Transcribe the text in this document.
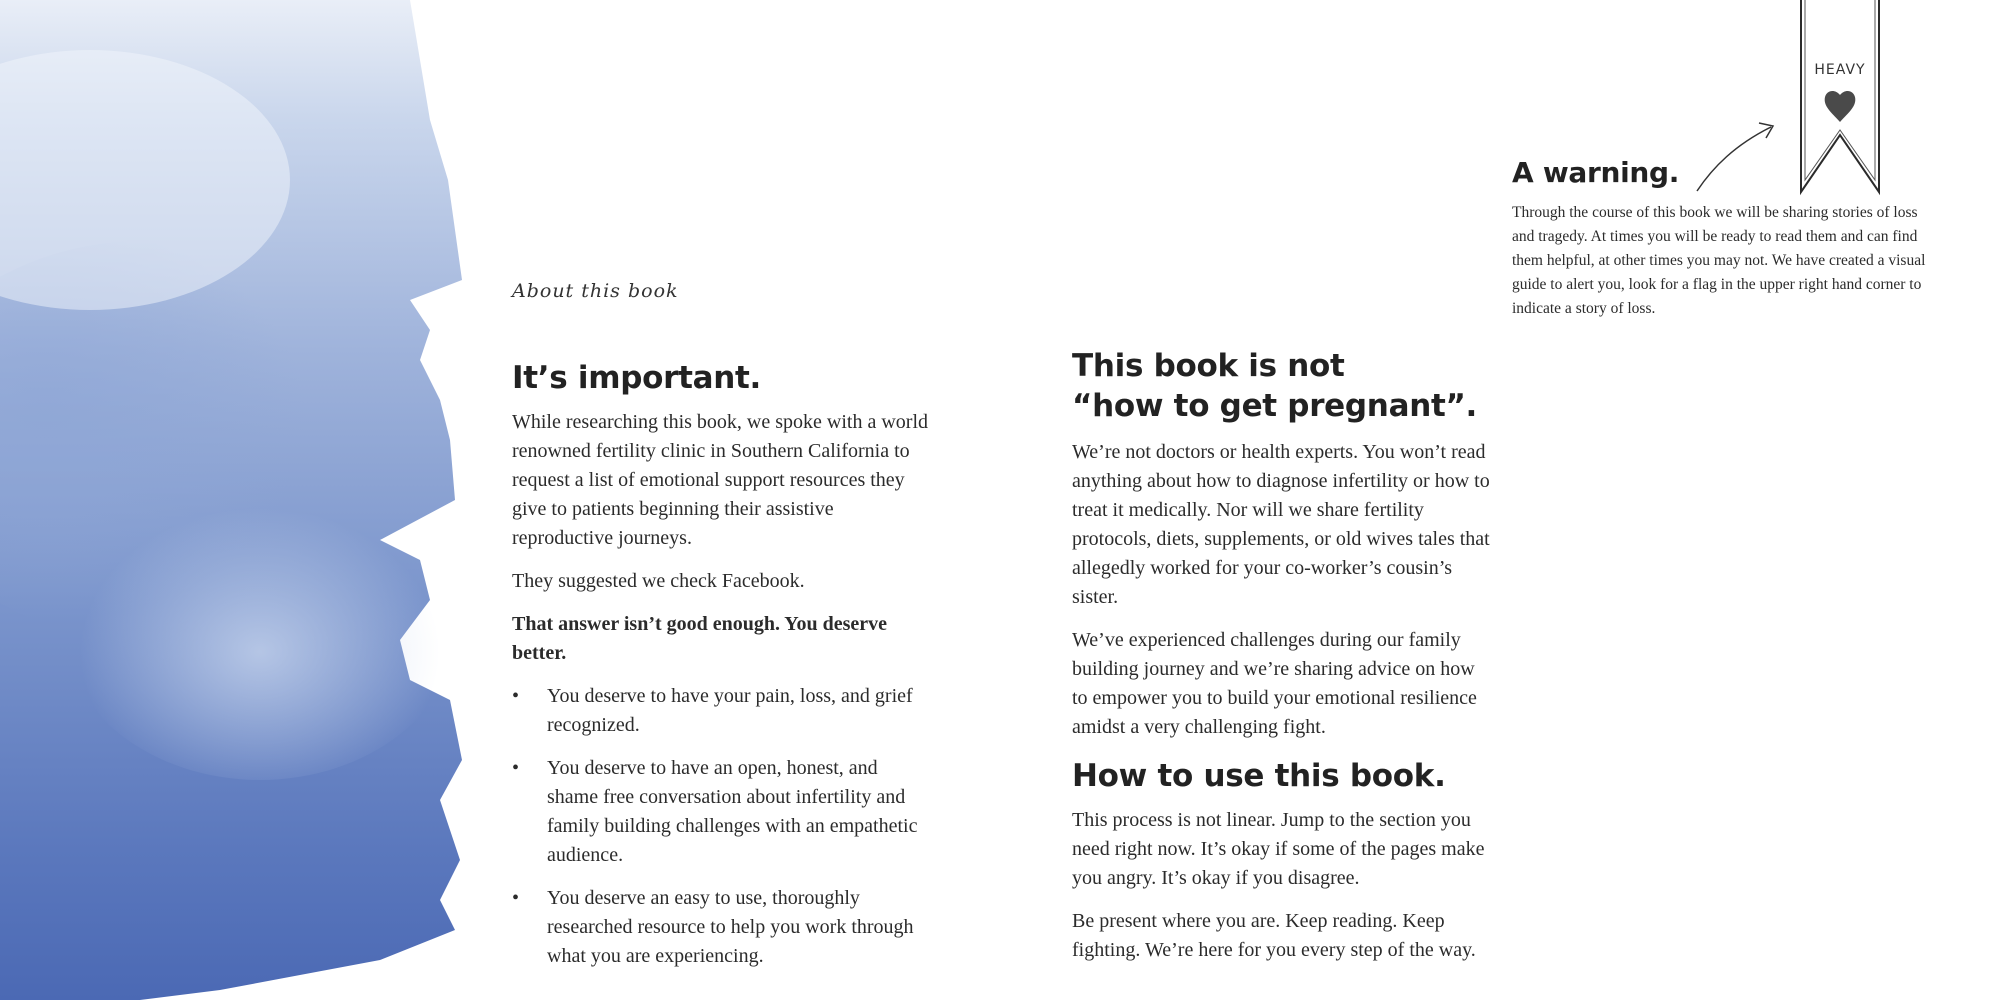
About this book
It’s important.

While researching this book, we spoke with a world renowned fertility clinic in Southern California to request a list of emotional support resources they give to patients beginning their assistive reproductive journeys.

They suggested we check Facebook.

That answer isn’t good enough. You deserve better.

•	You deserve to have your pain, loss, and grief recognized.
•	You deserve to have an open, honest, and shame free conversation about infertility and family building challenges with an empathetic audience.
•	You deserve an easy to use, thoroughly researched resource to help you work through what you are experiencing.
This book is not
“how to get pregnant”.

We’re not doctors or health experts. You won’t read anything about how to diagnose infertility or how to treat it medically. Nor will we share fertility protocols, diets, supplements, or old wives tales that allegedly worked for your co-worker’s cousin’s sister.

We’ve experienced challenges during our family building journey and we’re sharing advice on how to empower you to build your emotional resilience amidst a very challenging fight.

How to use this book.

This process is not linear. Jump to the section you need right now. It’s okay if some of the pages make you angry. It’s okay if you disagree.

Be present where you are. Keep reading. Keep fighting. We’re here for you every step of the way.

HEAVY
A warning.

Through the course of this book we will be sharing stories of loss and tragedy. At times you will be ready to read them and can find them helpful, at other times you may not. We have created a visual guide to alert you, look for a flag in the upper right hand corner to indicate a story of loss.
